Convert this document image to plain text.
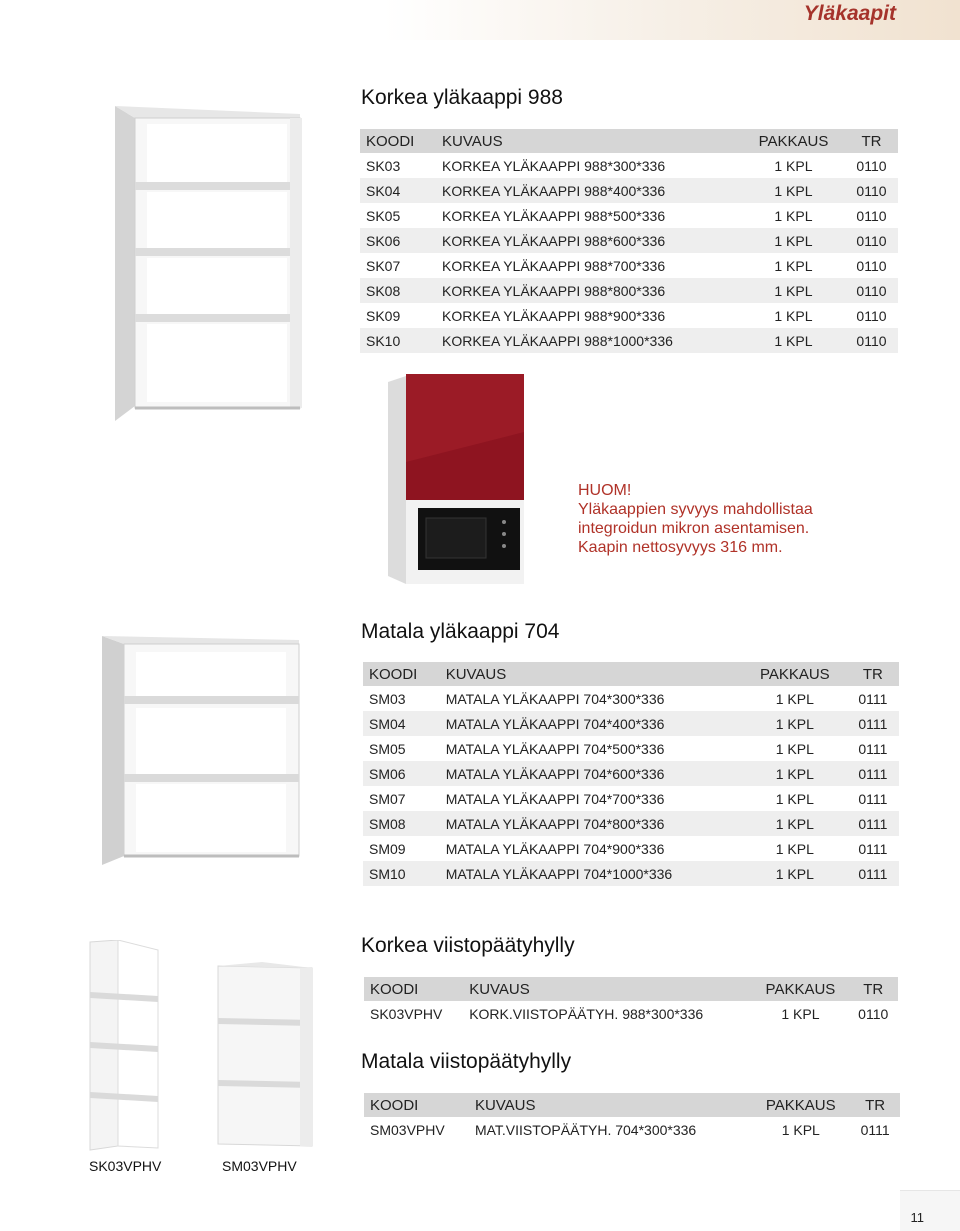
Yläkaapit
Korkea yläkaappi 988
KOODI	KUVAUS	PAKKAUS	TR
SK03	KORKEA YLÄKAAPPI 988*300*336	1 KPL	0110
SK04	KORKEA YLÄKAAPPI 988*400*336	1 KPL	0110
SK05	KORKEA YLÄKAAPPI 988*500*336	1 KPL	0110
SK06	KORKEA YLÄKAAPPI 988*600*336	1 KPL	0110
SK07	KORKEA YLÄKAAPPI 988*700*336	1 KPL	0110
SK08	KORKEA YLÄKAAPPI 988*800*336	1 KPL	0110
SK09	KORKEA YLÄKAAPPI 988*900*336	1 KPL	0110
SK10	KORKEA YLÄKAAPPI 988*1000*336	1 KPL	0110
HUOM!
Yläkaappien syvyys mahdollistaa
integroidun mikron asentamisen.
Kaapin nettosyvyys 316 mm.
Matala yläkaappi 704
KOODI	KUVAUS	PAKKAUS	TR
SM03	MATALA YLÄKAAPPI 704*300*336	1 KPL	0111
SM04	MATALA YLÄKAAPPI 704*400*336	1 KPL	0111
SM05	MATALA YLÄKAAPPI 704*500*336	1 KPL	0111
SM06	MATALA YLÄKAAPPI 704*600*336	1 KPL	0111
SM07	MATALA YLÄKAAPPI 704*700*336	1 KPL	0111
SM08	MATALA YLÄKAAPPI 704*800*336	1 KPL	0111
SM09	MATALA YLÄKAAPPI 704*900*336	1 KPL	0111
SM10	MATALA YLÄKAAPPI 704*1000*336	1 KPL	0111
Korkea viistopäätyhylly
KOODI	KUVAUS	PAKKAUS	TR
SK03VPHV	KORK.VIISTOPÄÄTYH. 988*300*336	1 KPL	0110
Matala viistopäätyhylly
KOODI	KUVAUS	PAKKAUS	TR
SM03VPHV	MAT.VIISTOPÄÄTYH. 704*300*336	1 KPL	0111
SK03VPHV	SM03VPHV
11
